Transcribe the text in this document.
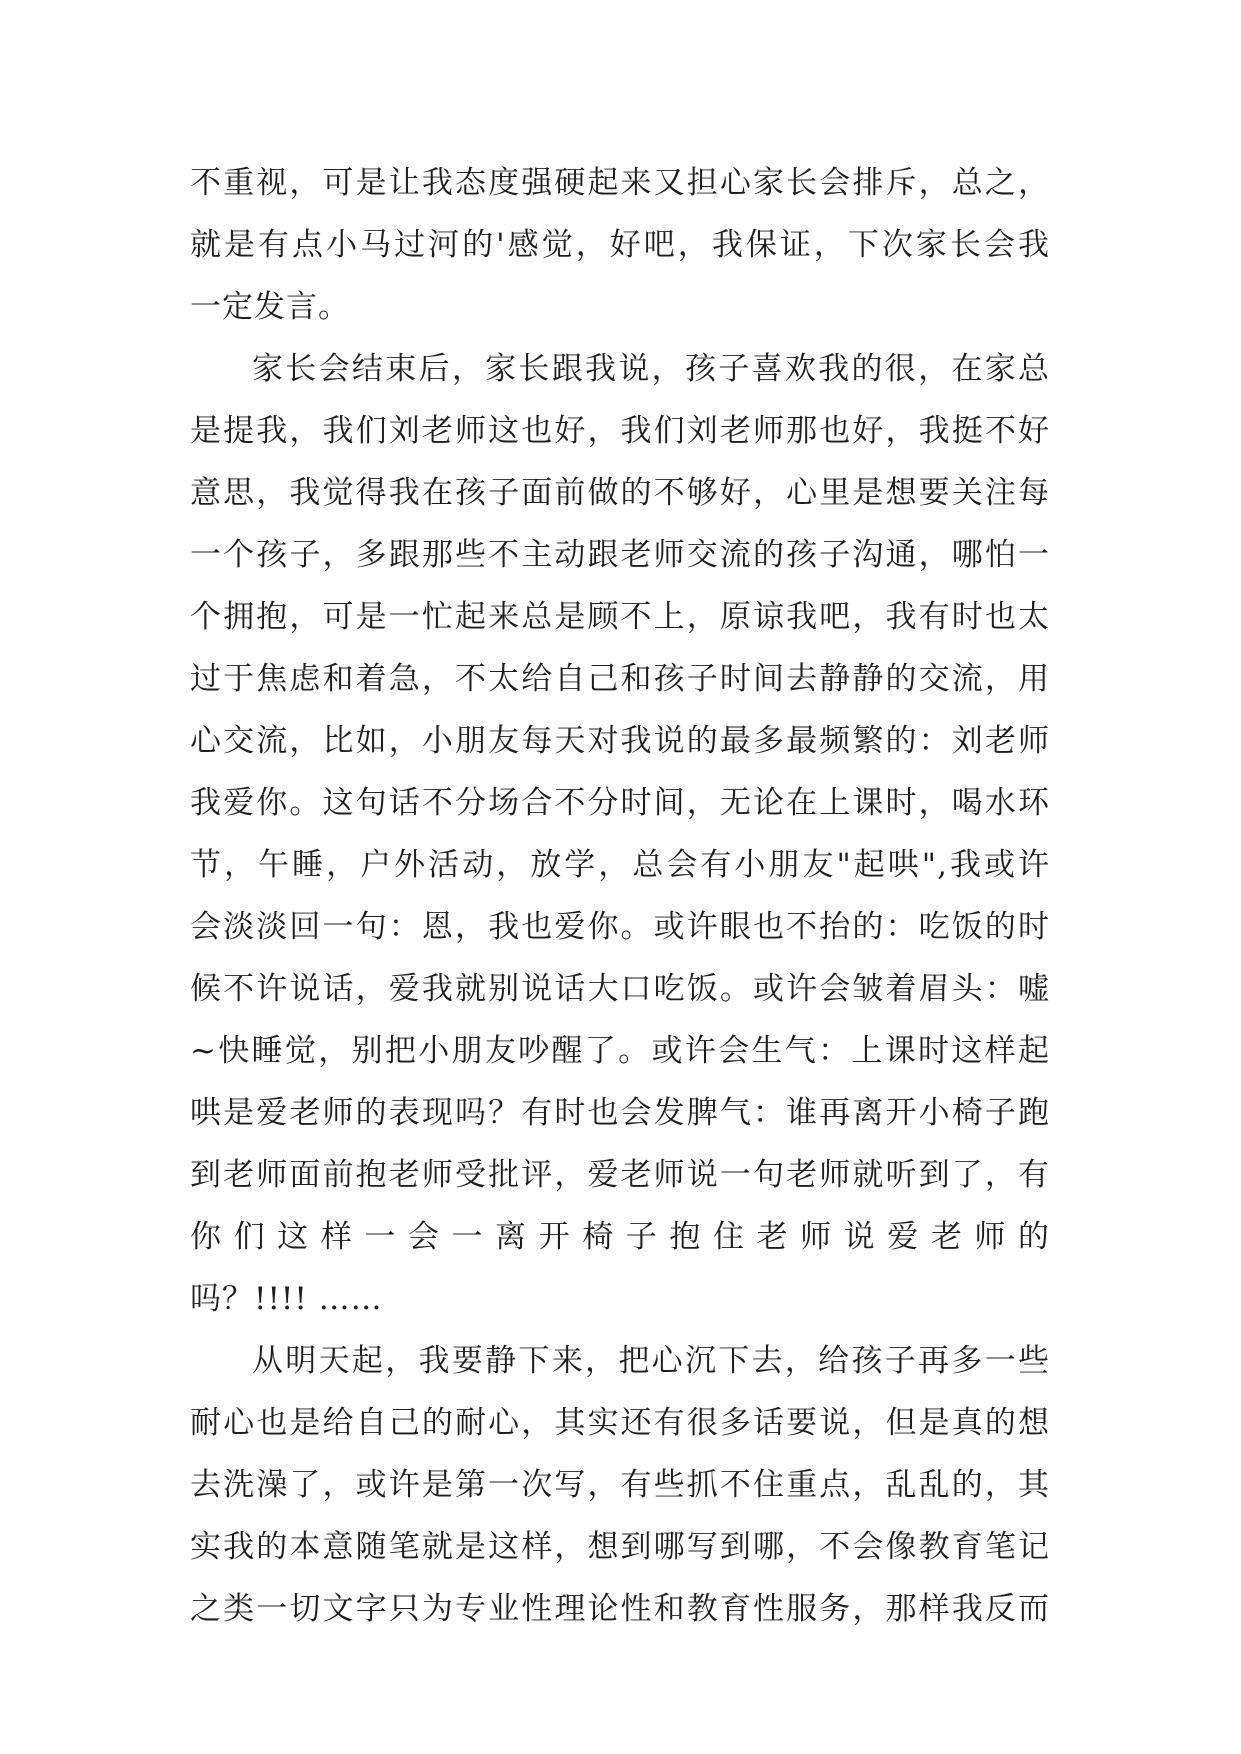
不重视，可是让我态度强硬起来又担心家长会排斥，总之，
就是有点小马过河的'感觉，好吧，我保证，下次家长会我
一定发言。
家长会结束后，家长跟我说，孩子喜欢我的很，在家总
是提我，我们刘老师这也好，我们刘老师那也好，我挺不好
意思，我觉得我在孩子面前做的不够好，心里是想要关注每
一个孩子，多跟那些不主动跟老师交流的孩子沟通，哪怕一
个拥抱，可是一忙起来总是顾不上，原谅我吧，我有时也太
过于焦虑和着急，不太给自己和孩子时间去静静的交流，用
心交流，比如，小朋友每天对我说的最多最频繁的：刘老师
我爱你。这句话不分场合不分时间，无论在上课时，喝水环
节，午睡，户外活动，放学，总会有小朋友"起哄",我或许
会淡淡回一句：恩，我也爱你。或许眼也不抬的：吃饭的时
候不许说话，爱我就别说话大口吃饭。或许会皱着眉头：嘘
~快睡觉，别把小朋友吵醒了。或许会生气：上课时这样起
哄是爱老师的表现吗？有时也会发脾气：谁再离开小椅子跑
到老师面前抱老师受批评，爱老师说一句老师就听到了，有
你们这样一会一离开椅子抱住老师说爱老师的
吗？!!!! ……
从明天起，我要静下来，把心沉下去，给孩子再多一些
耐心也是给自己的耐心，其实还有很多话要说，但是真的想
去洗澡了，或许是第一次写，有些抓不住重点，乱乱的，其
实我的本意随笔就是这样，想到哪写到哪，不会像教育笔记
之类一切文字只为专业性理论性和教育性服务，那样我反而
